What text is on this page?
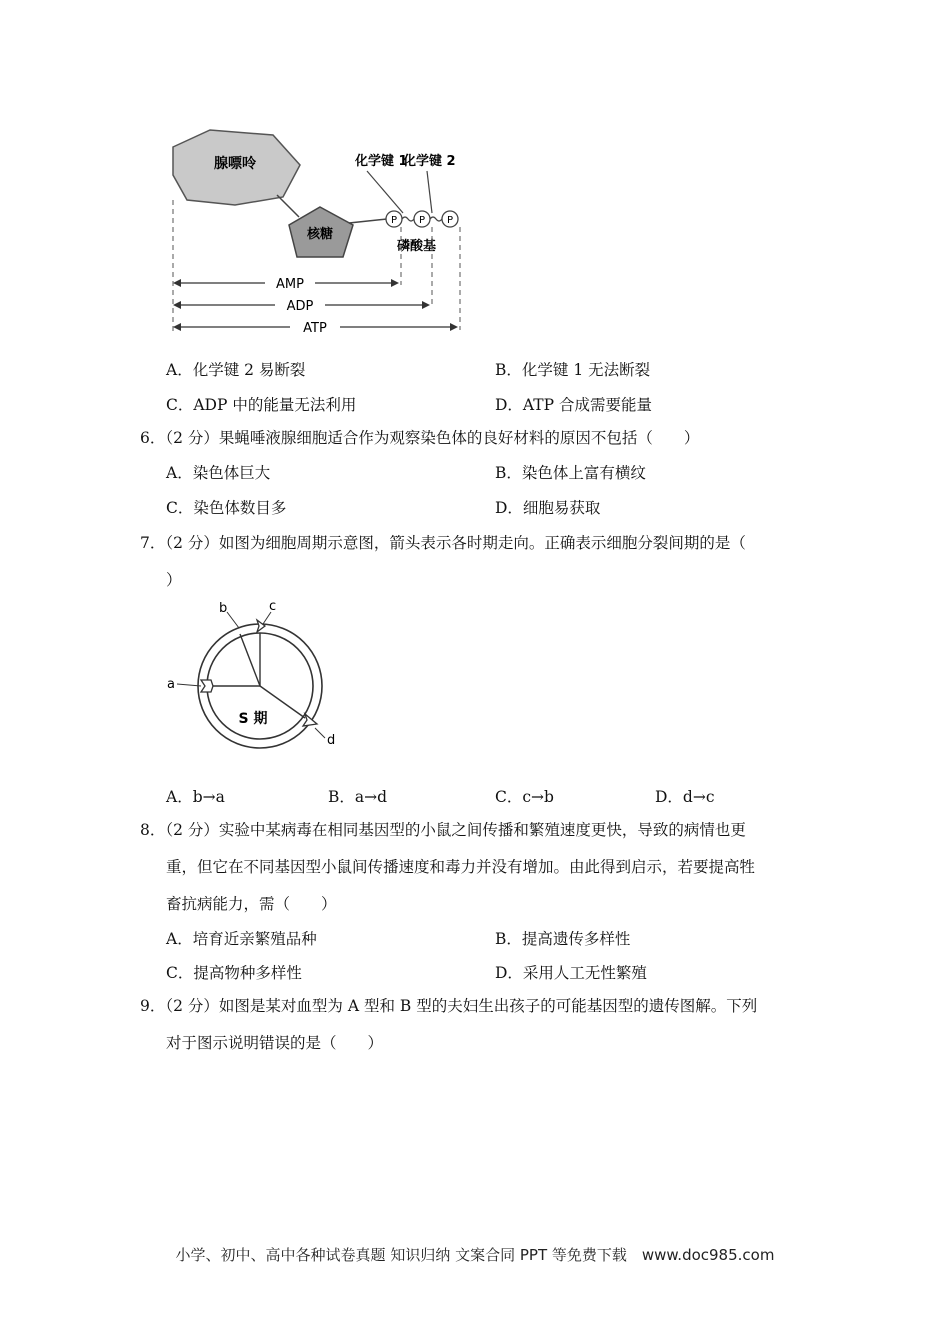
腺嘌呤
核糖
P P P
化学键 1
化学键 2
磷酸基
AMP
ADP
ATP
A．化学键 2 易断裂	B．化学键 1 无法断裂
C．ADP 中的能量无法利用	D．ATP 合成需要能量
6．（2 分）果蝇唾液腺细胞适合作为观察染色体的良好材料的原因不包括（　　）
A．染色体巨大	B．染色体上富有横纹
C．染色体数目多	D．细胞易获取
7．（2 分）如图为细胞周期示意图，箭头表示各时期走向。正确表示细胞分裂间期的是（
）
a
b	c
d
S 期
A．b→a	B．a→d	C．c→b	D．d→c
8．（2 分）实验中某病毒在相同基因型的小鼠之间传播和繁殖速度更快，导致的病情也更
重，但它在不同基因型小鼠间传播速度和毒力并没有增加。由此得到启示，若要提高牲
畜抗病能力，需（　　）
A．培育近亲繁殖品种	B．提高遗传多样性
C．提高物种多样性	D．采用人工无性繁殖
9．（2 分）如图是某对血型为 A 型和 B 型的夫妇生出孩子的可能基因型的遗传图解。下列
对于图示说明错误的是（　　）
小学、初中、高中各种试卷真题 知识归纳 文案合同 PPT 等免费下载　www.doc985.com
